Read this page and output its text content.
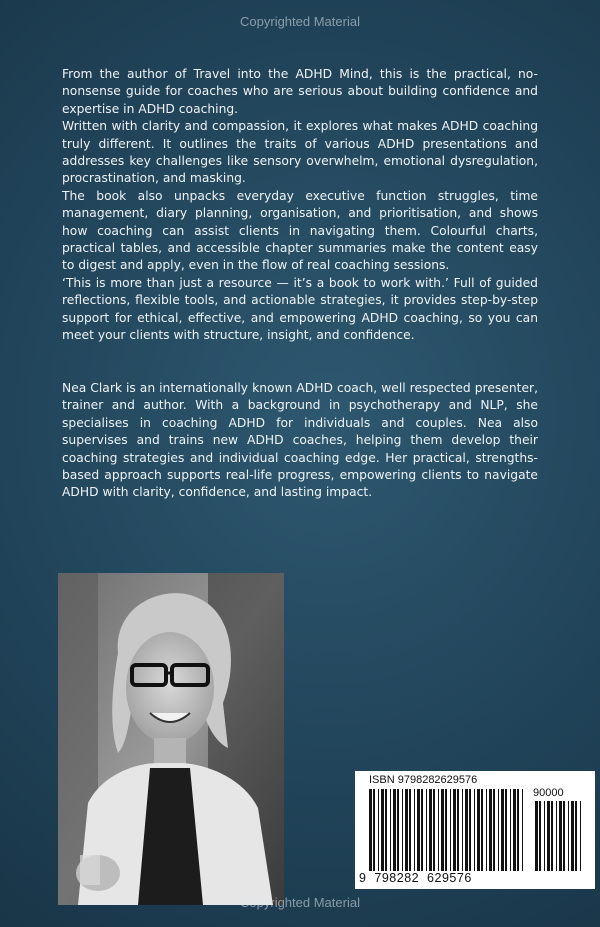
Copyrighted Material

From the author of Travel into the ADHD Mind, this is the practical, no-nonsense guide for coaches who are serious about building confidence and expertise in ADHD coaching.

Written with clarity and compassion, it explores what makes ADHD coaching truly different. It outlines the traits of various ADHD presentations and addresses key challenges like sensory overwhelm, emotional dysregulation, procrastination, and masking.

The book also unpacks everyday executive function struggles, time management, diary planning, organisation, and prioritisation, and shows how coaching can assist clients in navigating them. Colourful charts, practical tables, and accessible chapter summaries make the content easy to digest and apply, even in the flow of real coaching sessions.

‘This is more than just a resource — it’s a book to work with.’ Full of guided reflections, flexible tools, and actionable strategies, it provides step-by-step support for ethical, effective, and empowering ADHD coaching, so you can meet your clients with structure, insight, and confidence.

Nea Clark is an internationally known ADHD coach, well respected presenter, trainer and author. With a background in psychotherapy and NLP, she specialises in coaching ADHD for individuals and couples. Nea also supervises and trains new ADHD coaches, helping them develop their coaching strategies and individual coaching edge. Her practical, strengths-based approach supports real-life progress, empowering clients to navigate ADHD with clarity, confidence, and lasting impact.

ISBN 9798282629576
90000
9  798282  629576
Copyrighted Material
